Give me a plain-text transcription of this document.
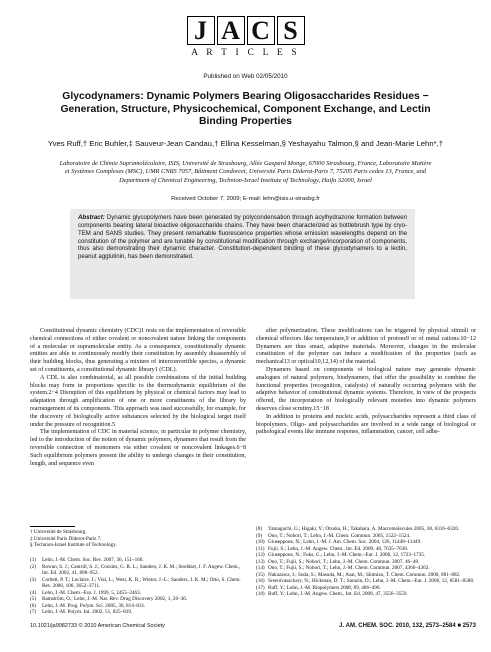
J A C S
A R T I C L E S
Published on Web 02/05/2010
Glycodynamers: Dynamic Polymers Bearing Oligosaccharides Residues − Generation, Structure, Physicochemical, Component Exchange, and Lectin Binding Properties
Yves Ruff,† Eric Buhler,‡ Sauveur-Jean Candau,† Ellina Kesselman,§ Yeshayahu Talmon,§ and Jean-Marie Lehn*,†
Laboratoire de Chimie Supramoléculaire, ISIS, Université de Strasbourg, Allée Gaspard Monge, 67000 Strasbourg, France, Laboratoire Matière et Systèmes Complexes (MSC), UMR CNRS 7057, Bâtiment Condorcet, Université Paris Diderot-Paris 7, 75205 Paris cedex 13, France, and Department of Chemical Engineering, Technion-Israel Institute of Technology, Haifa 32000, Israel
Received October 7, 2009; E-mail: lehn@isis.u-strasbg.fr
Abstract: Dynamic glycopolymers have been generated by polycondensation through acylhydrazone formation between components bearing lateral bioactive oligosaccharide chains. They have been characterized as bottlebrush type by cryo-TEM and SANS studies. They present remarkable fluorescence properties whose emission wavelengths depend on the constitution of the polymer and are tunable by constitutional modification through exchange/incorporation of components, thus also demonstrating their dynamic character. Constitution-dependent binding of these glycodynamers to a lectin, peanut agglutinin, has been demonstrated.

Constitutional dynamic chemistry (CDC)1 rests on the implementation of reversible chemical connections of either covalent or noncovalent nature linking the components of a molecular or supramolecular entity. As a consequence, constitutionally dynamic entities are able to continuously modify their constitution by assembly disassembly of their building blocks, thus generating a mixture of interconvertible species, a dynamic set of constituents, a constitutional dynamic library1 (CDL).

A CDL is also combinatorial, as all possible combinations of the initial building blocks may form in proportions specific to the thermodynamic equilibrium of the system.2−4 Disruption of this equilibrium by physical or chemical factors may lead to adaptation through amplification of one or more constituents of the library by rearrangement of its components. This approach was used successfully, for example, for the discovery of biologically active substances selected by the biological target itself under the pressure of recognition.5

The implementation of CDC in material science, in particular in polymer chemistry, led to the introduction of the notion of dynamic polymers, dynamers that result from the reversible connection of monomers via either covalent or noncovalent linkages.6−8 Such equilibrium polymers present the ability to undergo changes in their constitution, length, and sequence even

after polymerization. These modifications can be triggered by physical stimuli or chemical effectors like temperature,9 or addition of protons9 or of metal cations.10−12 Dynamers are thus smart, adaptive materials. Moreover, changes in the molecular constitution of the polymer can induce a modification of the properties (such as mechanical13 or optical10,12,14) of the material.

Dynamers based on components of biological nature may generate dynamic analogues of natural polymers, biodynamers, that offer the possibility to combine the functional properties (recognition, catalysis) of naturally occurring polymers with the adaptive behavior of constitutional dynamic systems. Therefore, in view of the prospects offered, the incorporation of biologically relevant moieties into dynamic polymers deserves close scrutiny.15−18

In addition to proteins and nucleic acids, polysaccharides represent a third class of biopolymers. Oligo- and polysaccharides are involved in a wide range of biological or pathological events like immune response, inflammation, cancer, cell adhe-

† Université de Strasbourg.
‡ Université Paris Diderot-Paris 7.
§ Technion-Israel Institute of Technology.
(1)	Lehn, J.-M. Chem. Soc. Rev. 2007, 36, 151–160.
(2)	Rowan, S. J.; Cantrill, S. J.; Cousins, G. R. L.; Sanders, J. K. M.; Stoddart, J. F. Angew. Chem., Int. Ed. 2002, 41, 898–952.
(3)	Corbett, P. T.; Leclaire, J.; Vial, L.; West, K. R.; Wietor, J.-L.; Sanders, J. K. M.; Otto, S. Chem. Rev. 2006, 106, 3652–3711.
(4)	Lehn, J.-M. Chem.–Eur. J. 1999, 5, 2455–2463.
(5)	Ramström, O.; Lehn, J.-M. Nat. Rev. Drug Discovery 2002, 1, 26–36.
(6)	Lehn, J.-M. Prog. Polym. Sci. 2005, 30, 814–831.
(7)	Lehn, J.-M. Polym. Int. 2002, 51, 825–839.
(8)	Yamaguchi, G.; Higaki, Y.; Otsuka, H.; Takahara, A. Macromolecules 2005, 38, 6316–6320.
(9)	Ono, T.; Nobori, T.; Lehn, J.-M. Chem. Commun. 2005, 1522–1524.
(10) Giuseppone, N.; Lehn, J.-M. J. Am. Chem. Soc. 2004, 126, 11448–11449.
(11) Fujii, S.; Lehn, J.-M. Angew. Chem., Int. Ed. 2009, 48, 7635–7638.
(12) Giuseppone, N.; Fuks, G.; Lehn, J.-M. Chem.–Eur. J. 2006, 12, 1723–1735.
(13) Ono, T.; Fujii, S.; Nobori, T.; Lehn, J.-M. Chem. Commun. 2007, 46–48.
(14) Ono, T.; Fujii, S.; Nobori, T.; Lehn, J.-M. Chem. Commun. 2007, 4360–4362.
(15) Nakazawa, I.; Suda, S.; Masuda, M.; Asai, M.; Shimizu, T. Chem. Commun. 2000, 881–882.
(16) Sreenivasachary, N.; Hickman, D. T.; Sarazin, D.; Lehn, J.-M. Chem.–Eur. J. 2006, 12, 8581–8588.
(17) Ruff, Y.; Lehn, J.-M. Biopolymers 2008, 89, 486–496.
(18) Ruff, Y.; Lehn, J.-M. Angew. Chem., Int. Ed. 2008, 47, 3556–3559.
10.1021/ja9082733 © 2010 American Chemical Society	J. AM. CHEM. SOC. 2010, 132, 2573–2584 ■ 2573
